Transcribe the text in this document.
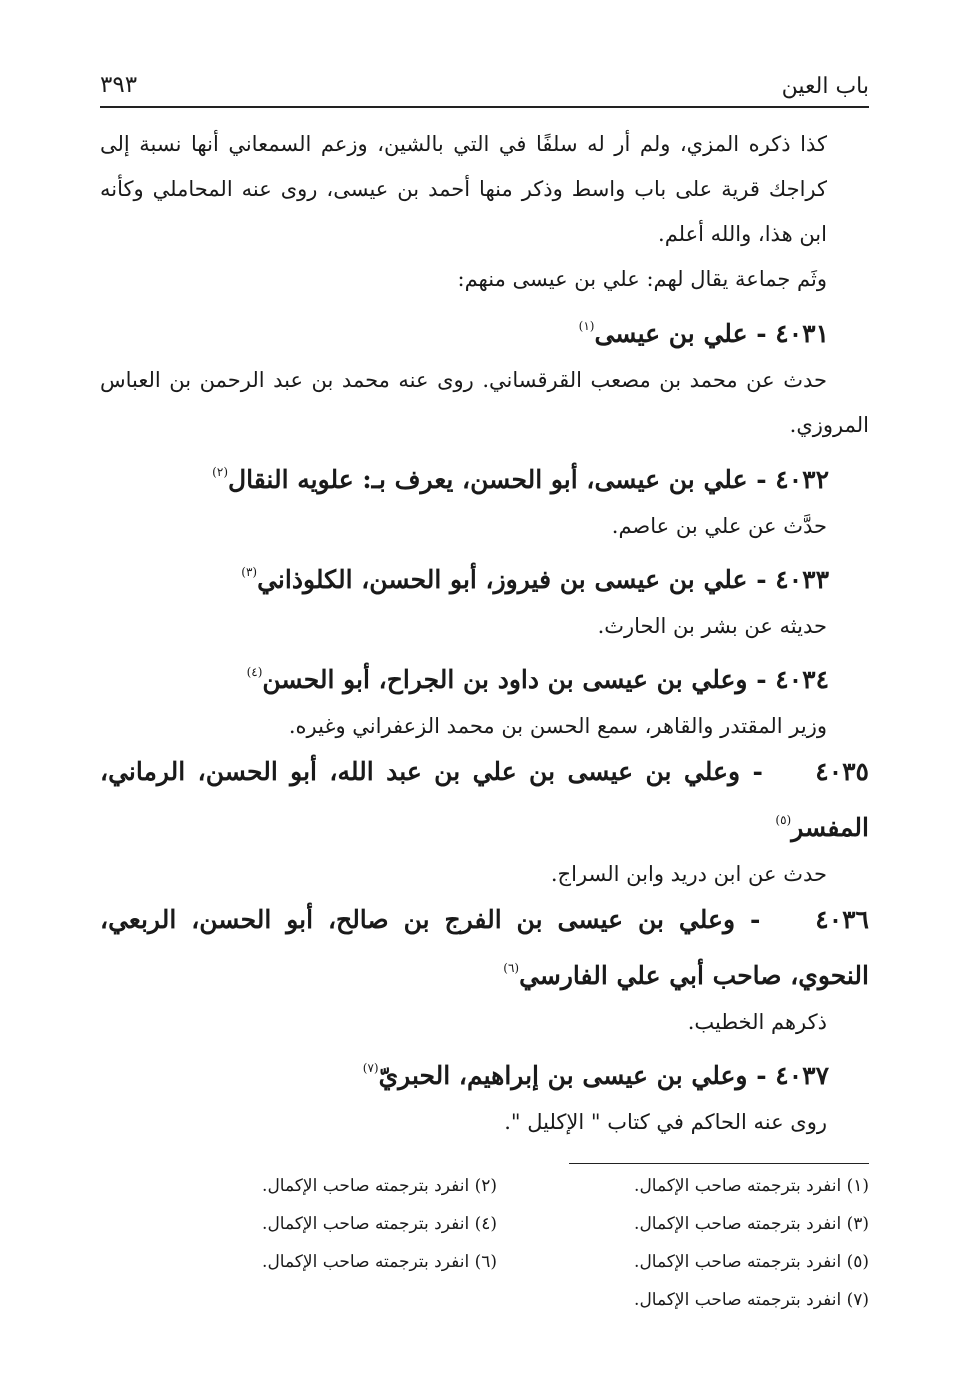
باب العين
٣٩٣

كذا ذكره المزي، ولم أر له سلفًا في التي بالشين، وزعم السمعاني أنها نسبة إلى كراجك قرية على باب واسط وذكر منها أحمد بن عيسى، روى عنه المحاملي وكأنه ابن هذا، والله أعلم.

وثَم جماعة يقال لهم: علي بن عيسى منهم:

٤٠٣١ - علي بن عيسى$^{(١)}$

حدث عن محمد بن مصعب القرقساني. روى عنه محمد بن عبد الرحمن بن العباس المروزي.

٤٠٣٢ - علي بن عيسى، أبو الحسن، يعرف بـ: علويه النقال$^{(٢)}$

حدَّث عن علي بن عاصم.

٤٠٣٣ - علي بن عيسى بن فيروز، أبو الحسن، الكلوذاني$^{(٣)}$

حديثه عن بشر بن الحارث.

٤٠٣٤ - وعلي بن عيسى بن داود بن الجراح، أبو الحسن$^{(٤)}$

وزير المقتدر والقاهر، سمع الحسن بن محمد الزعفراني وغيره.

٤٠٣٥ - وعلي بن عيسى بن علي بن عبد الله، أبو الحسن، الرماني، المفسر$^{(٥)}$

حدث عن ابن دريد وابن السراج.

٤٠٣٦ - وعلي بن عيسى بن الفرج بن صالح، أبو الحسن، الربعي، النحوي، صاحب أبي علي الفارسي$^{(٦)}$

ذكرهم الخطيب.

٤٠٣٧ - وعلي بن عيسى بن إبراهيم، الحبريّ$^{(٧)}$

روى عنه الحاكم في كتاب " الإكليل ".

(١) انفرد بترجمته صاحب الإكمال.
(٢) انفرد بترجمته صاحب الإكمال.
(٣) انفرد بترجمته صاحب الإكمال.
(٤) انفرد بترجمته صاحب الإكمال.
(٥) انفرد بترجمته صاحب الإكمال.
(٦) انفرد بترجمته صاحب الإكمال.
(٧) انفرد بترجمته صاحب الإكمال.
